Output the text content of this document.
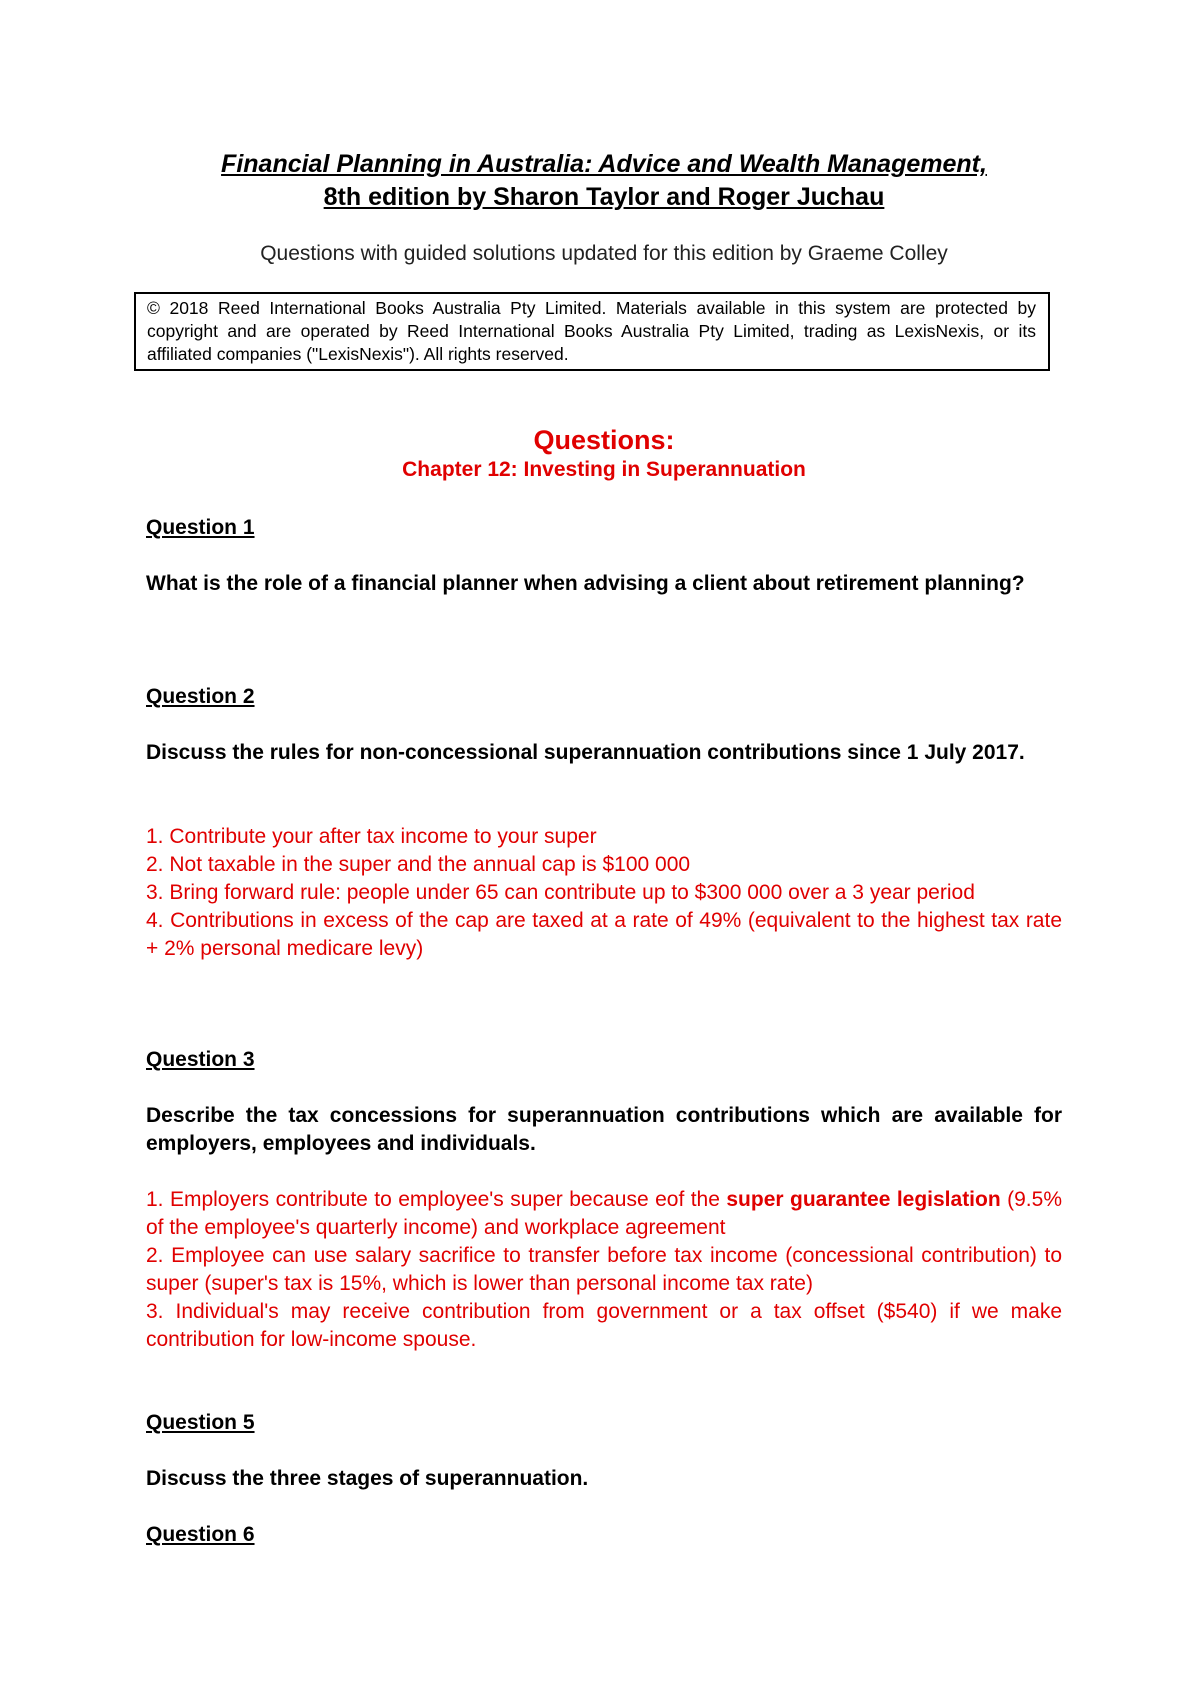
Financial Planning in Australia: Advice and Wealth Management,
8th edition by Sharon Taylor and Roger Juchau
Questions with guided solutions updated for this edition by Graeme Colley
© 2018 Reed International Books Australia Pty Limited. Materials available in this system are protected by copyright and are operated by Reed International Books Australia Pty Limited, trading as LexisNexis, or its affiliated companies ("LexisNexis"). All rights reserved.
Questions:
Chapter 12: Investing in Superannuation
Question 1
What is the role of a financial planner when advising a client about retirement planning?
Question 2
Discuss the rules for non-concessional superannuation contributions since 1 July 2017.
1. Contribute your after tax income to your super
2. Not taxable in the super and the annual cap is $100 000
3. Bring forward rule: people under 65 can contribute up to $300 000 over a 3 year period
4. Contributions in excess of the cap are taxed at a rate of 49% (equivalent to the highest tax rate + 2% personal medicare levy)
Question 3
Describe the tax concessions for superannuation contributions which are available for employers, employees and individuals.
1. Employers contribute to employee's super because eof the super guarantee legislation (9.5% of the employee's quarterly income) and workplace agreement
2. Employee can use salary sacrifice to transfer before tax income (concessional contribution) to super (super's tax is 15%, which is lower than personal income tax rate)
3. Individual's may receive contribution from government or a tax offset ($540) if we make contribution for low-income spouse.
Question 5
Discuss the three stages of superannuation.
Question 6
